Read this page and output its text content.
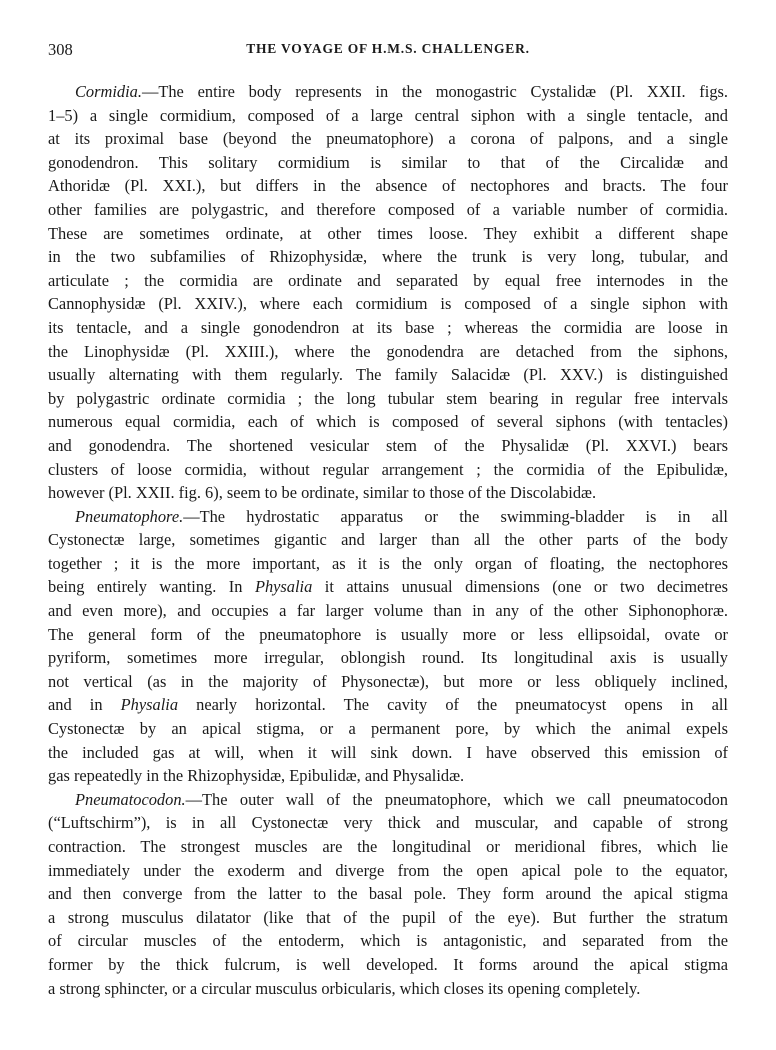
308	THE VOYAGE OF H.M.S. CHALLENGER.
Cormidia.—The entire body represents in the monogastric Cystalidæ (Pl. XXII. figs.
1–5) a single cormidium, composed of a large central siphon with a single tentacle, and
at its proximal base (beyond the pneumatophore) a corona of palpons, and a single
gonodendron. This solitary cormidium is similar to that of the Circalidæ and
Athoridæ (Pl. XXI.), but differs in the absence of nectophores and bracts. The four
other families are polygastric, and therefore composed of a variable number of cormidia.
These are sometimes ordinate, at other times loose. They exhibit a different shape
in the two subfamilies of Rhizophysidæ, where the trunk is very long, tubular, and
articulate ; the cormidia are ordinate and separated by equal free internodes in the
Cannophysidæ (Pl. XXIV.), where each cormidium is composed of a single siphon with
its tentacle, and a single gonodendron at its base ; whereas the cormidia are loose in
the Linophysidæ (Pl. XXIII.), where the gonodendra are detached from the siphons,
usually alternating with them regularly. The family Salacidæ (Pl. XXV.) is distinguished
by polygastric ordinate cormidia ; the long tubular stem bearing in regular free intervals
numerous equal cormidia, each of which is composed of several siphons (with tentacles)
and gonodendra. The shortened vesicular stem of the Physalidæ (Pl. XXVI.) bears
clusters of loose cormidia, without regular arrangement ; the cormidia of the Epibulidæ,
however (Pl. XXII. fig. 6), seem to be ordinate, similar to those of the Discolabidæ.
Pneumatophore.—The hydrostatic apparatus or the swimming-bladder is in all
Cystonectæ large, sometimes gigantic and larger than all the other parts of the body
together ; it is the more important, as it is the only organ of floating, the nectophores
being entirely wanting. In Physalia it attains unusual dimensions (one or two decimetres
and even more), and occupies a far larger volume than in any of the other Siphonophoræ.
The general form of the pneumatophore is usually more or less ellipsoidal, ovate or
pyriform, sometimes more irregular, oblongish round. Its longitudinal axis is usually
not vertical (as in the majority of Physonectæ), but more or less obliquely inclined,
and in Physalia nearly horizontal. The cavity of the pneumatocyst opens in all
Cystonectæ by an apical stigma, or a permanent pore, by which the animal expels
the included gas at will, when it will sink down. I have observed this emission of
gas repeatedly in the Rhizophysidæ, Epibulidæ, and Physalidæ.
Pneumatocodon.—The outer wall of the pneumatophore, which we call pneumatocodon
(“Luftschirm”), is in all Cystonectæ very thick and muscular, and capable of strong
contraction. The strongest muscles are the longitudinal or meridional fibres, which lie
immediately under the exoderm and diverge from the open apical pole to the equator,
and then converge from the latter to the basal pole. They form around the apical stigma
a strong musculus dilatator (like that of the pupil of the eye). But further the stratum
of circular muscles of the entoderm, which is antagonistic, and separated from the
former by the thick fulcrum, is well developed. It forms around the apical stigma
a strong sphincter, or a circular musculus orbicularis, which closes its opening completely.
